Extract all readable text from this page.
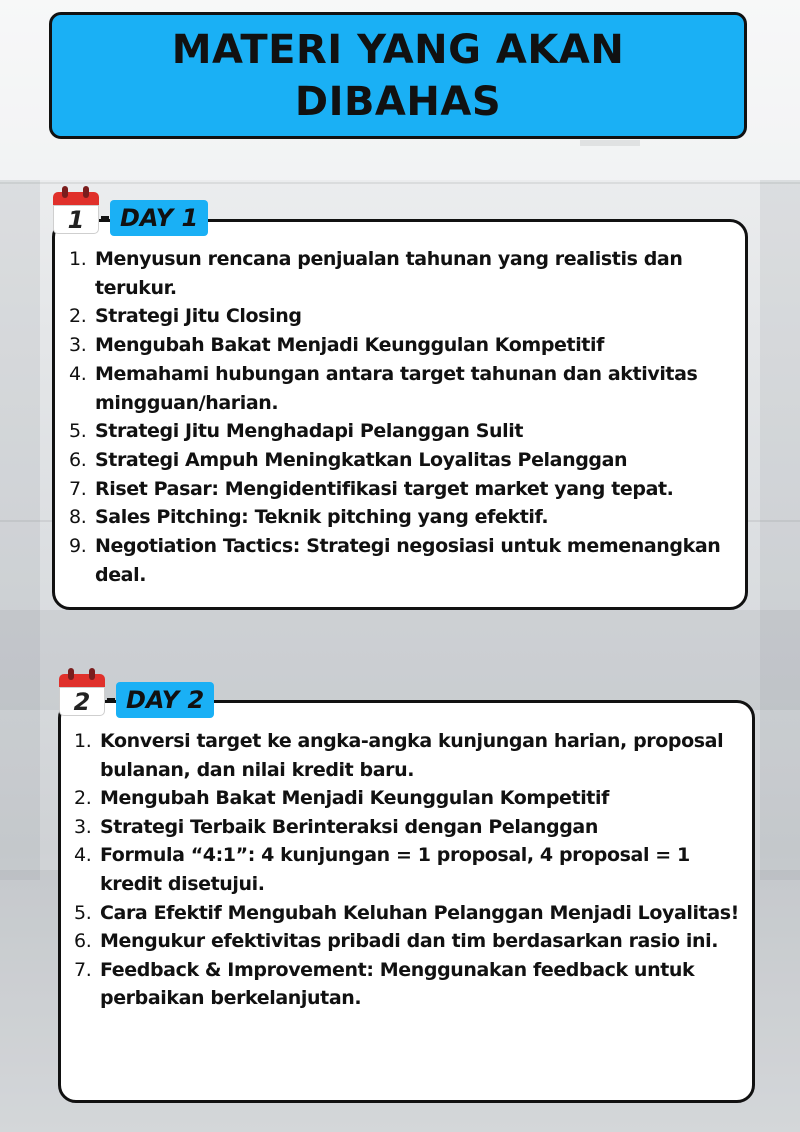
MATERI YANG AKAN
DIBAHAS
1	DAY 1
1. Menyusun rencana penjualan tahunan yang realistis dan terukur.
2. Strategi Jitu Closing
3. Mengubah Bakat Menjadi Keunggulan Kompetitif
4. Memahami hubungan antara target tahunan dan aktivitas mingguan/harian.
5. Strategi Jitu Menghadapi Pelanggan Sulit
6. Strategi Ampuh Meningkatkan Loyalitas Pelanggan
7. Riset Pasar: Mengidentifikasi target market yang tepat.
8. Sales Pitching: Teknik pitching yang efektif.
9. Negotiation Tactics: Strategi negosiasi untuk memenangkan deal.
2	DAY 2
1. Konversi target ke angka-angka kunjungan harian, proposal bulanan, dan nilai kredit baru.
2. Mengubah Bakat Menjadi Keunggulan Kompetitif
3. Strategi Terbaik Berinteraksi dengan Pelanggan
4. Formula “4:1”: 4 kunjungan = 1 proposal, 4 proposal = 1 kredit disetujui.
5. Cara Efektif Mengubah Keluhan Pelanggan Menjadi Loyalitas!
6. Mengukur efektivitas pribadi dan tim berdasarkan rasio ini.
7. Feedback & Improvement: Menggunakan feedback untuk perbaikan berkelanjutan.
